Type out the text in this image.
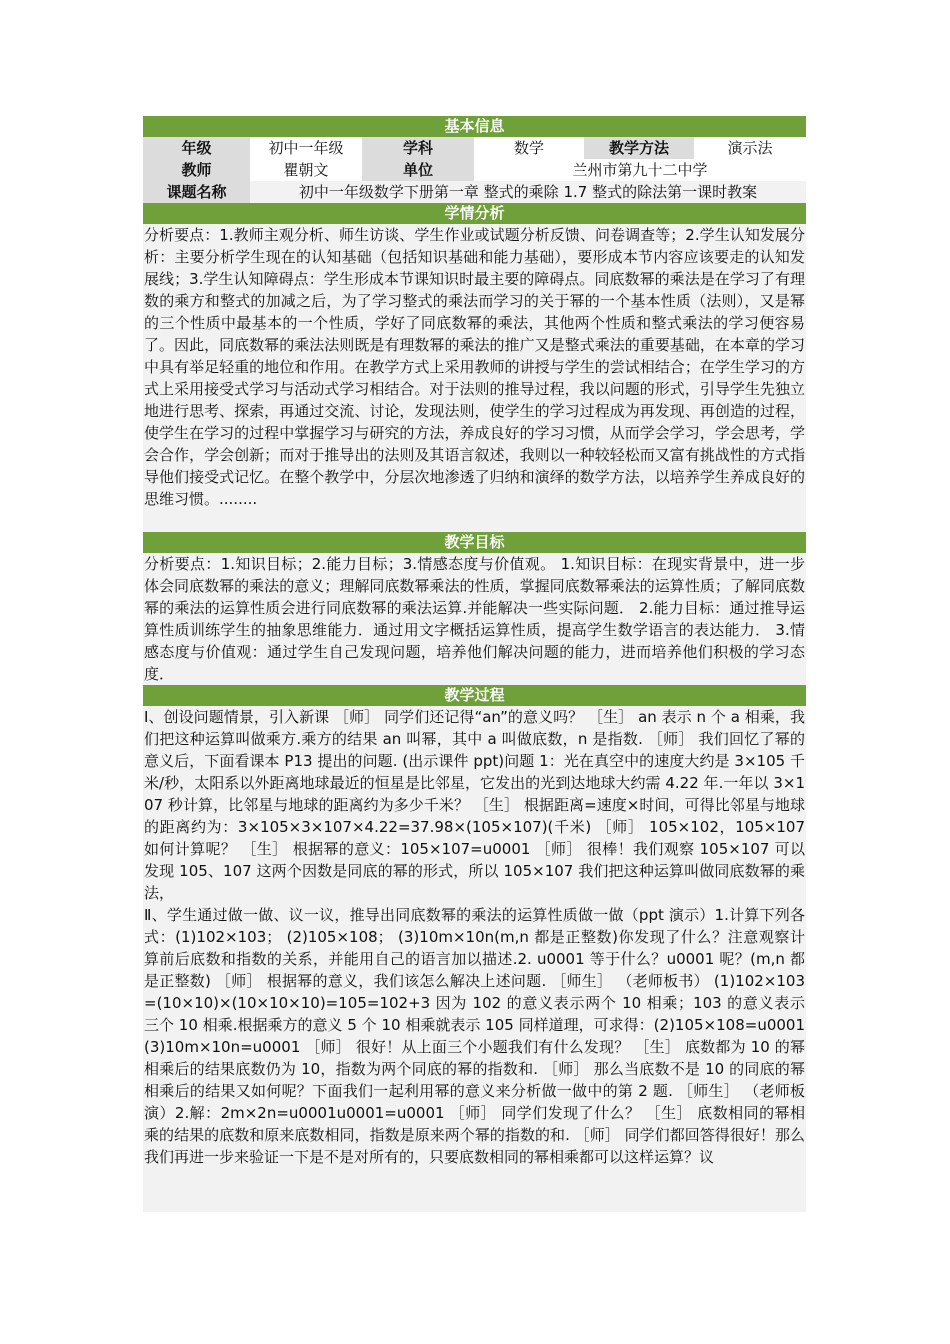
基本信息
年级	初中一年级	学科	数学	教学方法	演示法
教师	瞿朝文	单位	兰州市第九十二中学
课题名称	初中一年级数学下册第一章 整式的乘除 1.7 整式的除法第一课时教案
学情分析

分析要点：1.教师主观分析、师生访谈、学生作业或试题分析反馈、问卷调查等；2.学生认知发展分析：主要分析学生现在的认知基础（包括知识基础和能力基础），要形成本节内容应该要走的认知发展线；3.学生认知障碍点：学生形成本节课知识时最主要的障碍点。同底数幂的乘法是在学习了有理数的乘方和整式的加减之后，为了学习整式的乘法而学习的关于幂的一个基本性质（法则），又是幂的三个性质中最基本的一个性质，学好了同底数幂的乘法，其他两个性质和整式乘法的学习便容易了。因此，同底数幂的乘法法则既是有理数幂的乘法的推广又是整式乘法的重要基础，在本章的学习中具有举足轻重的地位和作用。在教学方式上采用教师的讲授与学生的尝试相结合；在学生学习的方式上采用接受式学习与活动式学习相结合。对于法则的推导过程，我以问题的形式，引导学生先独立地进行思考、探索，再通过交流、讨论，发现法则，使学生的学习过程成为再发现、再创造的过程，使学生在学习的过程中掌握学习与研究的方法，养成良好的学习习惯，从而学会学习，学会思考，学会合作，学会创新；而对于推导出的法则及其语言叙述，我则以一种较轻松而又富有挑战性的方式指导他们接受式记忆。在整个教学中，分层次地渗透了归纳和演绎的数学方法，以培养学生养成良好的思维习惯。........

教学目标

分析要点：1.知识目标；2.能力目标；3.情感态度与价值观。 1.知识目标：在现实背景中，进一步体会同底数幂的乘法的意义；理解同底数幂乘法的性质，掌握同底数幂乘法的运算性质；了解同底数幂的乘法的运算性质会进行同底数幂的乘法运算.并能解决一些实际问题． 2.能力目标：通过推导运算性质训练学生的抽象思维能力．通过用文字概括运算性质，提高学生数学语言的表达能力． 3.情感态度与价值观：通过学生自己发现问题，培养他们解决问题的能力，进而培养他们积极的学习态度．

教学过程

Ⅰ、创设问题情景，引入新课 ［师］ 同学们还记得“an”的意义吗？ ［生］ an 表示 n 个 a 相乘，我们把这种运算叫做乘方.乘方的结果 an 叫幂，其中 a 叫做底数，n 是指数. ［师］ 我们回忆了幂的意义后，下面看课本 P13 提出的问题. (出示课件 ppt)问题 1：光在真空中的速度大约是 3×105 千米/秒，太阳系以外距离地球最近的恒星是比邻星，它发出的光到达地球大约需 4.22 年.一年以 3×107 秒计算，比邻星与地球的距离约为多少千米？ ［生］ 根据距离=速度×时间，可得比邻星与地球的距离约为：3×105×3×107×4.22=37.98×(105×107)(千米) ［师］ 105×102，105×107 如何计算呢？ ［生］ 根据幂的意义：105×107=u0001 ［师］ 很棒！我们观察 105×107 可以发现 105、107 这两个因数是同底的幂的形式，所以 105×107 我们把这种运算叫做同底数幂的乘法，
Ⅱ、学生通过做一做、议一议，推导出同底数幂的乘法的运算性质做一做（ppt 演示）1.计算下列各式：(1)102×103； (2)105×108； (3)10m×10n(m,n 都是正整数)你发现了什么？注意观察计算前后底数和指数的关系，并能用自己的语言加以描述.2. u0001 等于什么？u0001 呢？(m,n 都是正整数) ［师］ 根据幂的意义，我们该怎么解决上述问题. ［师生］ （老师板书） (1)102×103=(10×10)×(10×10×10)=105=102+3 因为 102 的意义表示两个 10 相乘；103 的意义表示三个 10 相乘.根据乘方的意义 5 个 10 相乘就表示 105 同样道理，可求得：(2)105×108=u0001(3)10m×10n=u0001 ［师］ 很好！从上面三个小题我们有什么发现？ ［生］ 底数都为 10 的幂相乘后的结果底数仍为 10，指数为两个同底的幂的指数和. ［师］ 那么当底数不是 10 的同底的幂相乘后的结果又如何呢？下面我们一起利用幂的意义来分析做一做中的第 2 题. ［师生］ （老师板演）2.解：2m×2n=u0001u0001=u0001 ［师］ 同学们发现了什么？ ［生］ 底数相同的幂相乘的结果的底数和原来底数相同，指数是原来两个幂的指数的和. ［师］ 同学们都回答得很好！那么我们再进一步来验证一下是不是对所有的，只要底数相同的幂相乘都可以这样运算？议
